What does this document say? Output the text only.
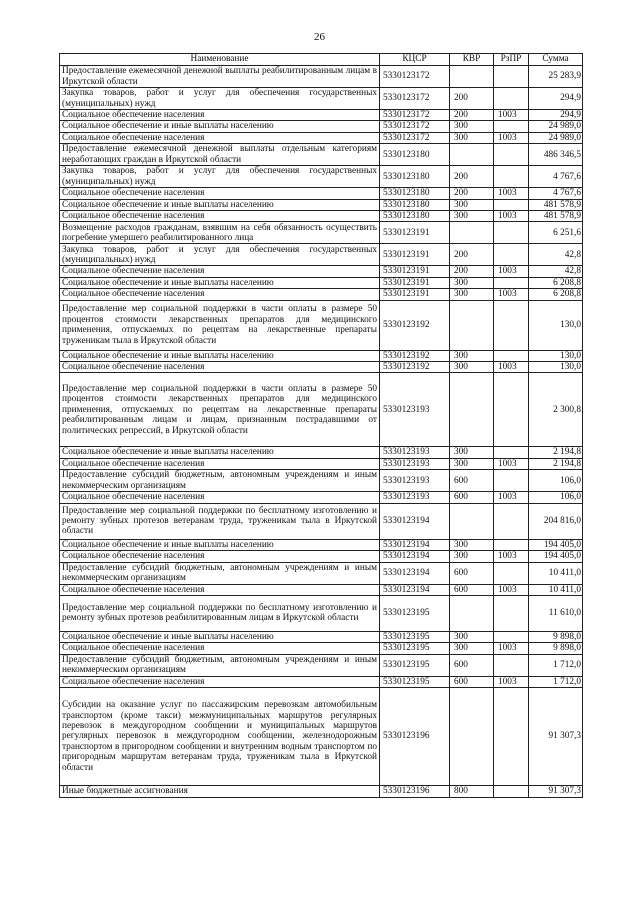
26
Наименование	КЦСР	КВР	РзПР	Сумма
Предоставление ежемесячной денежной выплаты реабилитированным лицам в Иркутской области	5330123172			25 283,9
Закупка товаров, работ и услуг для обеспечения государственных (муниципальных) нужд	5330123172	200		294,9
Социальное обеспечение населения	5330123172	200	1003	294,9
Социальное обеспечение и иные выплаты населению	5330123172	300		24 989,0
Социальное обеспечение населения	5330123172	300	1003	24 989,0
Предоставление ежемесячной денежной выплаты отдельным категориям неработающих граждан в Иркутской области	5330123180			486 346,5
Закупка товаров, работ и услуг для обеспечения государственных (муниципальных) нужд	5330123180	200		4 767,6
Социальное обеспечение населения	5330123180	200	1003	4 767,6
Социальное обеспечение и иные выплаты населению	5330123180	300		481 578,9
Социальное обеспечение населения	5330123180	300	1003	481 578,9
Возмещение расходов гражданам, взявшим на себя обязанность осуществить погребение умершего реабилитированного лица	5330123191			6 251,6
Закупка товаров, работ и услуг для обеспечения государственных (муниципальных) нужд	5330123191	200		42,8
Социальное обеспечение населения	5330123191	200	1003	42,8
Социальное обеспечение и иные выплаты населению	5330123191	300		6 208,8
Социальное обеспечение населения	5330123191	300	1003	6 208,8
Предоставление мер социальной поддержки в части оплаты в размере 50 процентов стоимости лекарственных препаратов для медицинского применения, отпускаемых по рецептам на лекарственные препараты труженикам тыла в Иркутской области	5330123192			130,0
Социальное обеспечение и иные выплаты населению	5330123192	300		130,0
Социальное обеспечение населения	5330123192	300	1003	130,0
Предоставление мер социальной поддержки в части оплаты в размере 50 процентов стоимости лекарственных препаратов для медицинского применения, отпускаемых по рецептам на лекарственные препараты реабилитированным лицам и лицам, признанным пострадавшими от политических репрессий, в Иркутской области	5330123193			2 300,8
Социальное обеспечение и иные выплаты населению	5330123193	300		2 194,8
Социальное обеспечение населения	5330123193	300	1003	2 194,8
Предоставление субсидий бюджетным, автономным учреждениям и иным некоммерческим организациям	5330123193	600		106,0
Социальное обеспечение населения	5330123193	600	1003	106,0
Предоставление мер социальной поддержки по бесплатному изготовлению и ремонту зубных протезов ветеранам труда, труженикам тыла в Иркутской области	5330123194			204 816,0
Социальное обеспечение и иные выплаты населению	5330123194	300		194 405,0
Социальное обеспечение населения	5330123194	300	1003	194 405,0
Предоставление субсидий бюджетным, автономным учреждениям и иным некоммерческим организациям	5330123194	600		10 411,0
Социальное обеспечение населения	5330123194	600	1003	10 411,0
Предоставление мер социальной поддержки по бесплатному изготовлению и ремонту зубных протезов реабилитированным лицам в Иркутской области	5330123195			11 610,0
Социальное обеспечение и иные выплаты населению	5330123195	300		9 898,0
Социальное обеспечение населения	5330123195	300	1003	9 898,0
Предоставление субсидий бюджетным, автономным учреждениям и иным некоммерческим организациям	5330123195	600		1 712,0
Социальное обеспечение населения	5330123195	600	1003	1 712,0
Субсидии на оказание услуг по пассажирским перевозкам автомобильным транспортом (кроме такси) межмуниципальных маршрутов регулярных перевозок в междугородном сообщении и муниципальных маршрутов регулярных перевозок в междугородном сообщении, железнодорожным транспортом в пригородном сообщении и внутренним водным транспортом по пригородным маршрутам ветеранам труда, труженикам тыла в Иркутской области	5330123196			91 307,3
Иные бюджетные ассигнования	5330123196	800		91 307,3
